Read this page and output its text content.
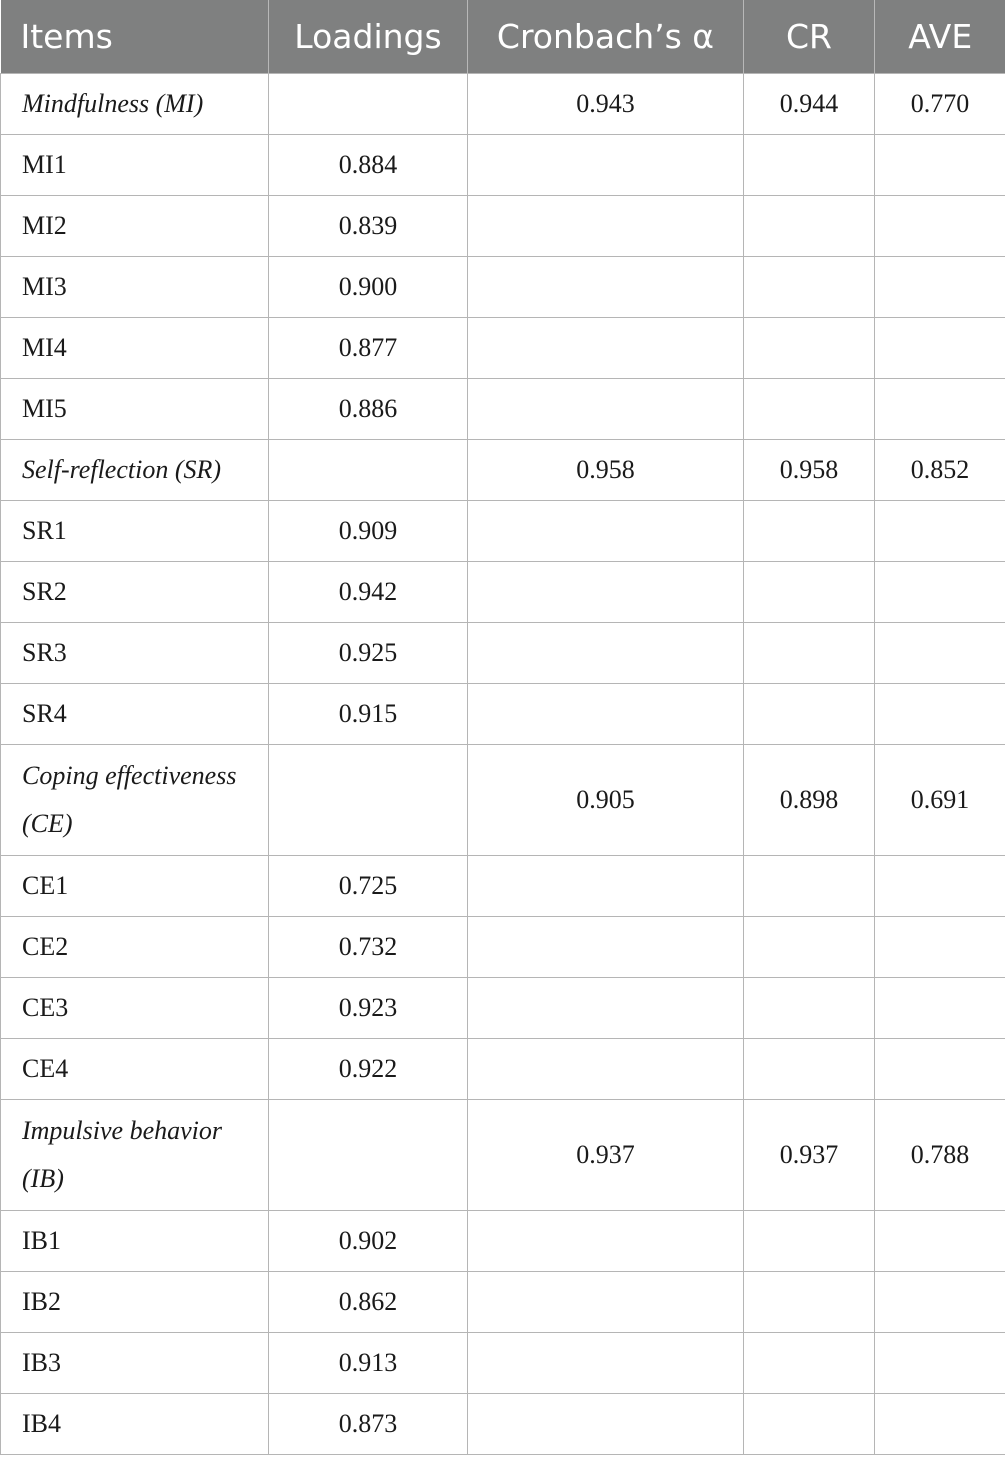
Items	Loadings	Cronbach’s α	CR	AVE
Mindfulness (MI)		0.943	0.944	0.770
MI1	0.884			
MI2	0.839			
MI3	0.900			
MI4	0.877			
MI5	0.886			
Self-reflection (SR)		0.958	0.958	0.852
SR1	0.909			
SR2	0.942			
SR3	0.925			
SR4	0.915			
Coping effectiveness (CE)		0.905	0.898	0.691
CE1	0.725			
CE2	0.732			
CE3	0.923			
CE4	0.922			
Impulsive behavior (IB)		0.937	0.937	0.788
IB1	0.902			
IB2	0.862			
IB3	0.913			
IB4	0.873			
